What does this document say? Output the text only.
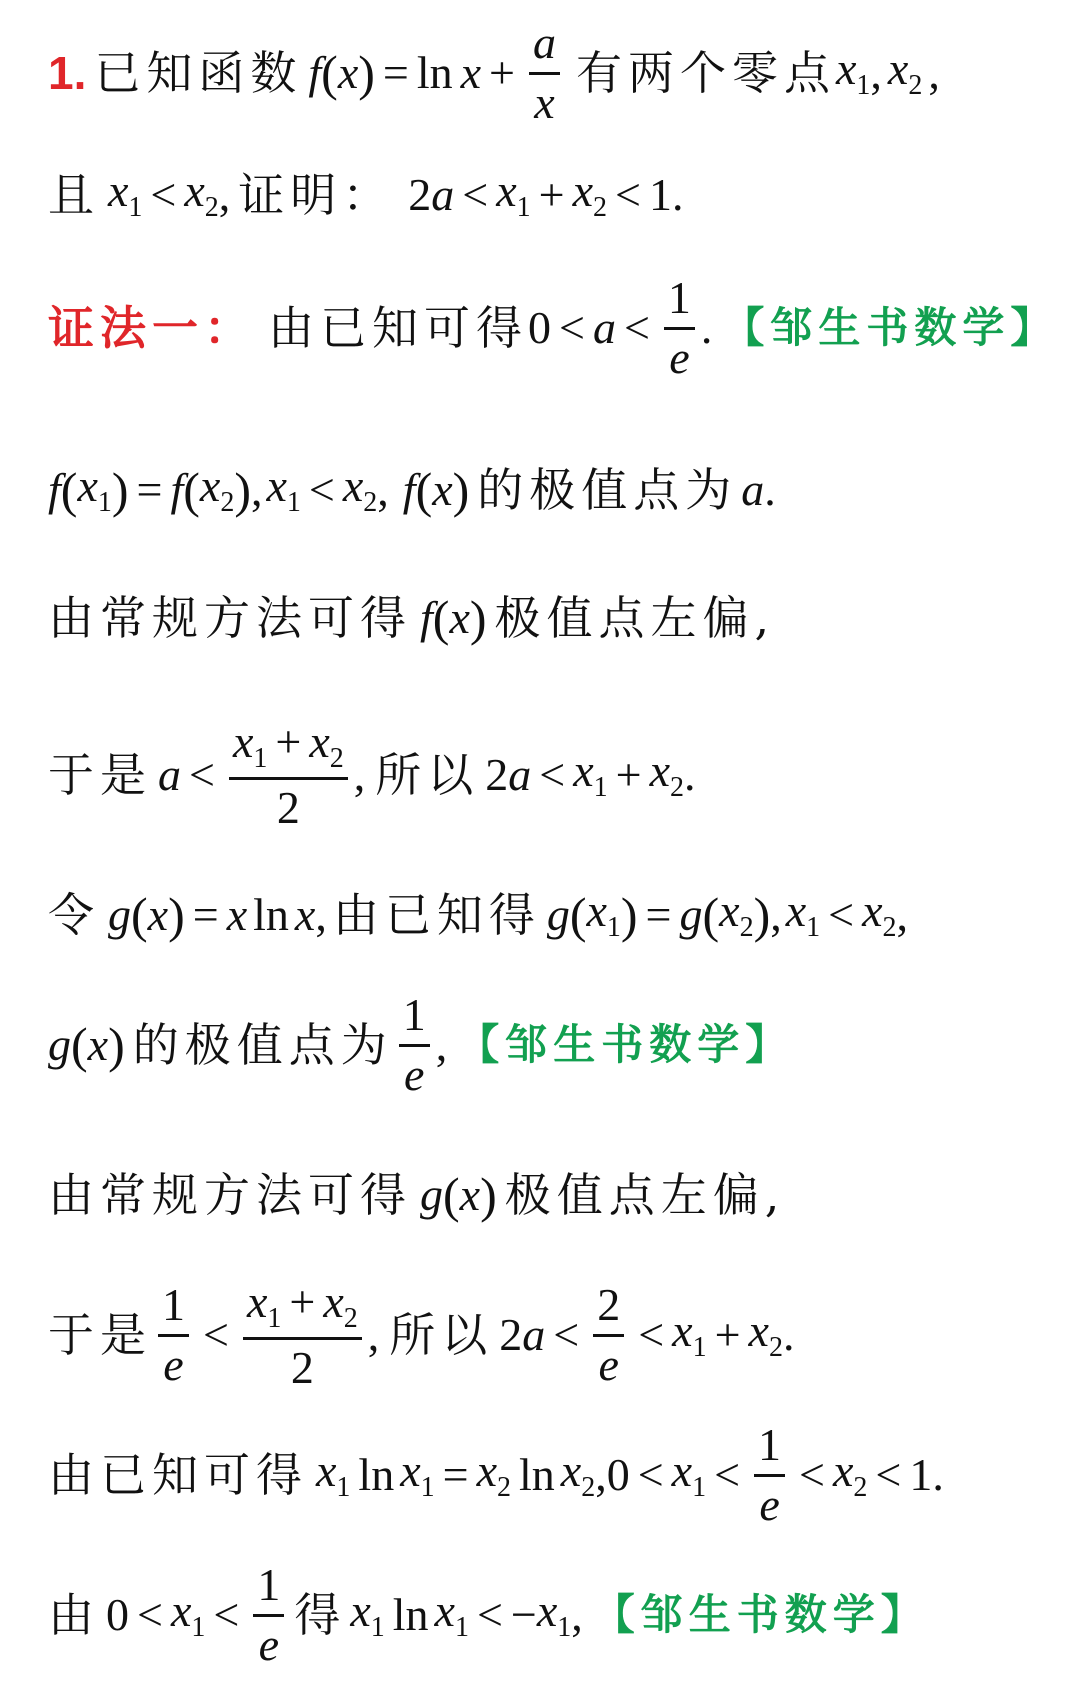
1. 已知函数 f ( x ) = $\ln x + \frac{a}{x}$ 有两个零点 $x_1$ , $x_2$ ,
且 $x_1 < x_2$ , 证明： 2 $a < x_1 + x_2 < 1$.
证法一： 由已知可得 $0 < a < \frac{1}{e}$ . 【邹生书数学】
f ( $x_1$ ) = f ( $x_2$ ) , $x_1 < x_2$ , f ( x ) 的极值点为 a .
由常规方法可得 f ( x ) 极值点左偏,
于是 $a < \frac{x_1 + x_2}{2}$ , 所以 2 $a < x_1 + x_2$ .
令 g ( x ) = x ln x , 由已知得 g ( $x_1$ ) = g ( $x_2$ ) , $x_1 < x_2$ ,
g ( x ) 的极值点为 $\frac{1}{e}$ , 【邹生书数学】
由常规方法可得 g ( x ) 极值点左偏,
于是 $\frac{1}{e} < \frac{x_1 + x_2}{2}$ , 所以 2 $a < \frac{2}{e} < x_1 + x_2$ .
由已知可得 $x_1$ $\ln x_1 = x_2$ $\ln x_2$ , $0 < x_1 < \frac{1}{e} < x_2 < 1$.
由 $0 < x_1 < \frac{1}{e}$ 得 $x_1$ $\ln x_1$ < − $x_1$ , 【邹生书数学】
